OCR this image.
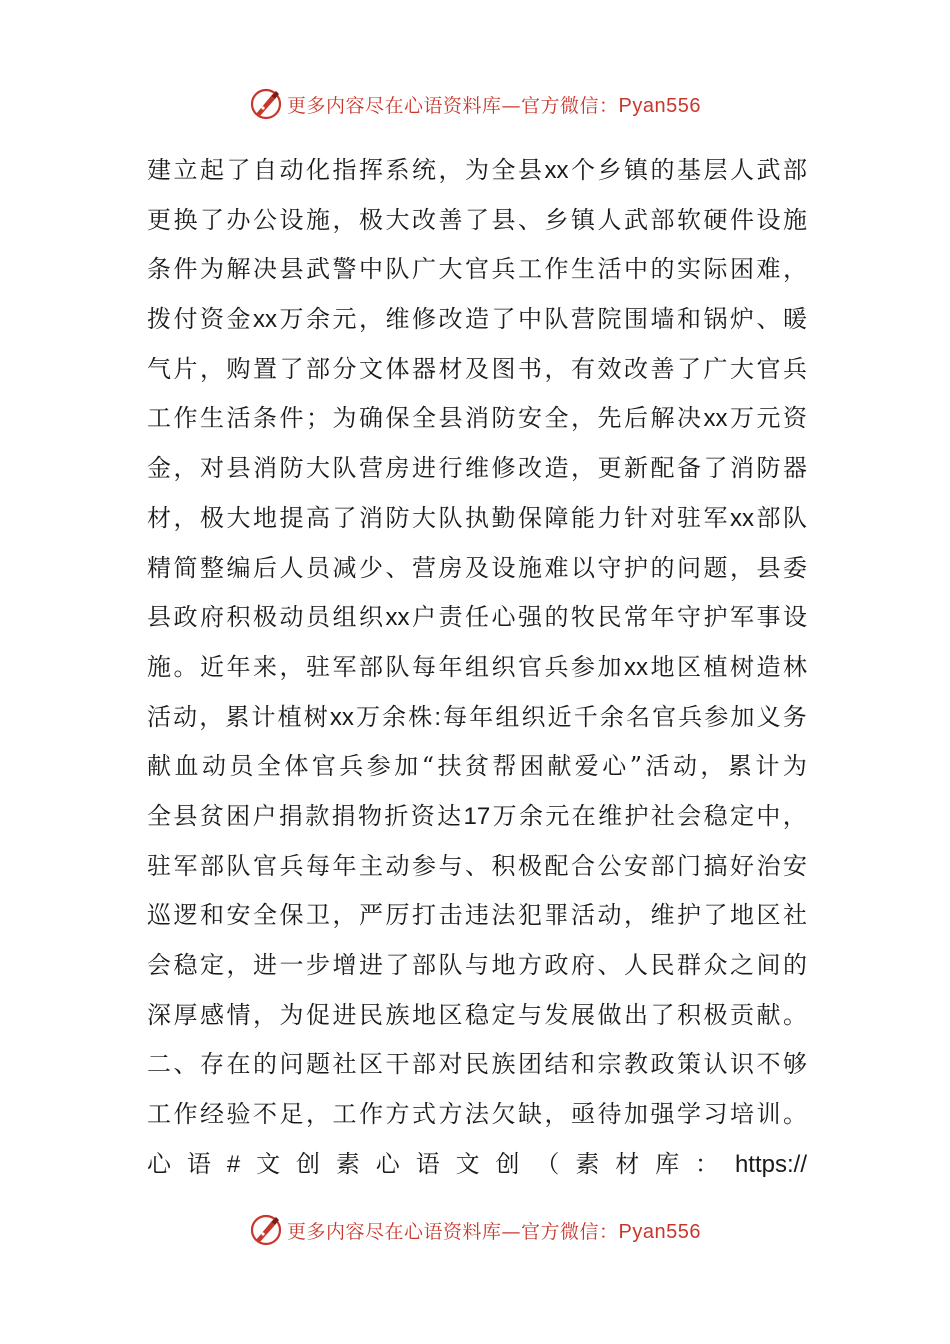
更多内容尽在心语资料库—官方微信：Pyan556
建 立 起 了 自 动 化 指 挥 系 统 ， 为 全 县 xx 个 乡 镇 的 基 层 人 武 部
更 换 了 办 公 设 施 ， 极 大 改 善 了 县 、 乡 镇 人 武 部 软 硬 件 设 施
条 件 为 解 决 县 武 警 中 队 广 大 官 兵 工 作 生 活 中 的 实 际 困 难 ，
拨 付 资 金 xx 万 余 元 ， 维 修 改 造 了 中 队 营 院 围 墙 和 锅 炉 、 暖
气 片 ， 购 置 了 部 分 文 体 器 材 及 图 书 ， 有 效 改 善 了 广 大 官 兵
工 作 生 活 条 件 ； 为 确 保 全 县 消 防 安 全 ， 先 后 解 决 xx 万 元 资
金 ， 对 县 消 防 大 队 营 房 进 行 维 修 改 造 ， 更 新 配 备 了 消 防 器
材 ， 极 大 地 提 高 了 消 防 大 队 执 勤 保 障 能 力 针 对 驻 军 xx 部 队
精 简 整 编 后 人 员 减 少 、 营 房 及 设 施 难 以 守 护 的 问 题 ， 县 委
县 政 府 积 极 动 员 组 织 xx 户 责 任 心 强 的 牧 民 常 年 守 护 军 事 设
施 。 近 年 来 ， 驻 军 部 队 每 年 组 织 官 兵 参 加 xx 地 区 植 树 造 林
活 动 ， 累 计 植 树 xx 万 余 株 : 每 年 组 织 近 千 余 名 官 兵 参 加 义 务
献 血 动 员 全 体 官 兵 参 加 “ 扶 贫 帮 困 献 爱 心 ” 活 动 ， 累 计 为
全 县 贫 困 户 捐 款 捐 物 折 资 达 17 万 余 元 在 维 护 社 会 稳 定 中 ，
驻 军 部 队 官 兵 每 年 主 动 参 与 、 积 极 配 合 公 安 部 门 搞 好 治 安
巡 逻 和 安 全 保 卫 ， 严 厉 打 击 违 法 犯 罪 活 动 ， 维 护 了 地 区 社
会 稳 定 ， 进 一 步 增 进 了 部 队 与 地 方 政 府 、 人 民 群 众 之 间 的
深 厚 感 情 ， 为 促 进 民 族 地 区 稳 定 与 发 展 做 出 了 积 极 贡 献 。
二 、 存 在 的 问 题 社 区 干 部 对 民 族 团 结 和 宗 教 政 策 认 识 不 够
工 作 经 验 不 足 ， 工 作 方 式 方 法 欠 缺 ， 亟 待 加 强 学 习 培 训 。
心 语 # 文 创 素 心 语 文 创 （ 素 材 库 ： https://
更多内容尽在心语资料库—官方微信：Pyan556
